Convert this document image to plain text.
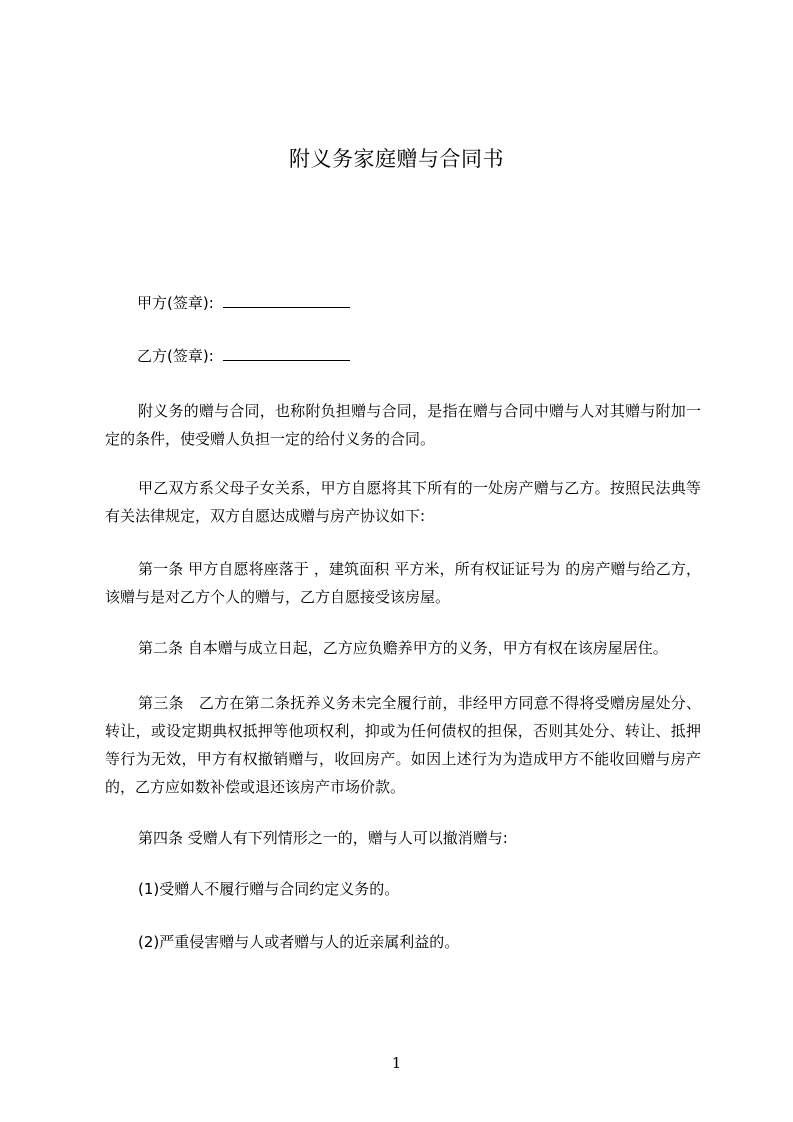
附义务家庭赠与合同书
甲方(签章):
乙方(签章):
附义务的赠与合同，也称附负担赠与合同，是指在赠与合同中赠与人对其赠与附加一定的条件，使受赠人负担一定的给付义务的合同。
甲乙双方系父母子女关系，甲方自愿将其下所有的一处房产赠与乙方。按照民法典等有关法律规定，双方自愿达成赠与房产协议如下:
第一条 甲方自愿将座落于 ，建筑面积 平方米，所有权证证号为 的房产赠与给乙方，该赠与是对乙方个人的赠与，乙方自愿接受该房屋。
第二条 自本赠与成立日起，乙方应负赡养甲方的义务，甲方有权在该房屋居住。
第三条　乙方在第二条抚养义务未完全履行前，非经甲方同意不得将受赠房屋处分、转让，或设定期典权抵押等他项权利，抑或为任何债权的担保，否则其处分、转让、抵押等行为无效，甲方有权撤销赠与，收回房产。如因上述行为为造成甲方不能收回赠与房产的，乙方应如数补偿或退还该房产市场价款。
第四条 受赠人有下列情形之一的，赠与人可以撤消赠与:
(1)受赠人不履行赠与合同约定义务的。
(2)严重侵害赠与人或者赠与人的近亲属利益的。
1
